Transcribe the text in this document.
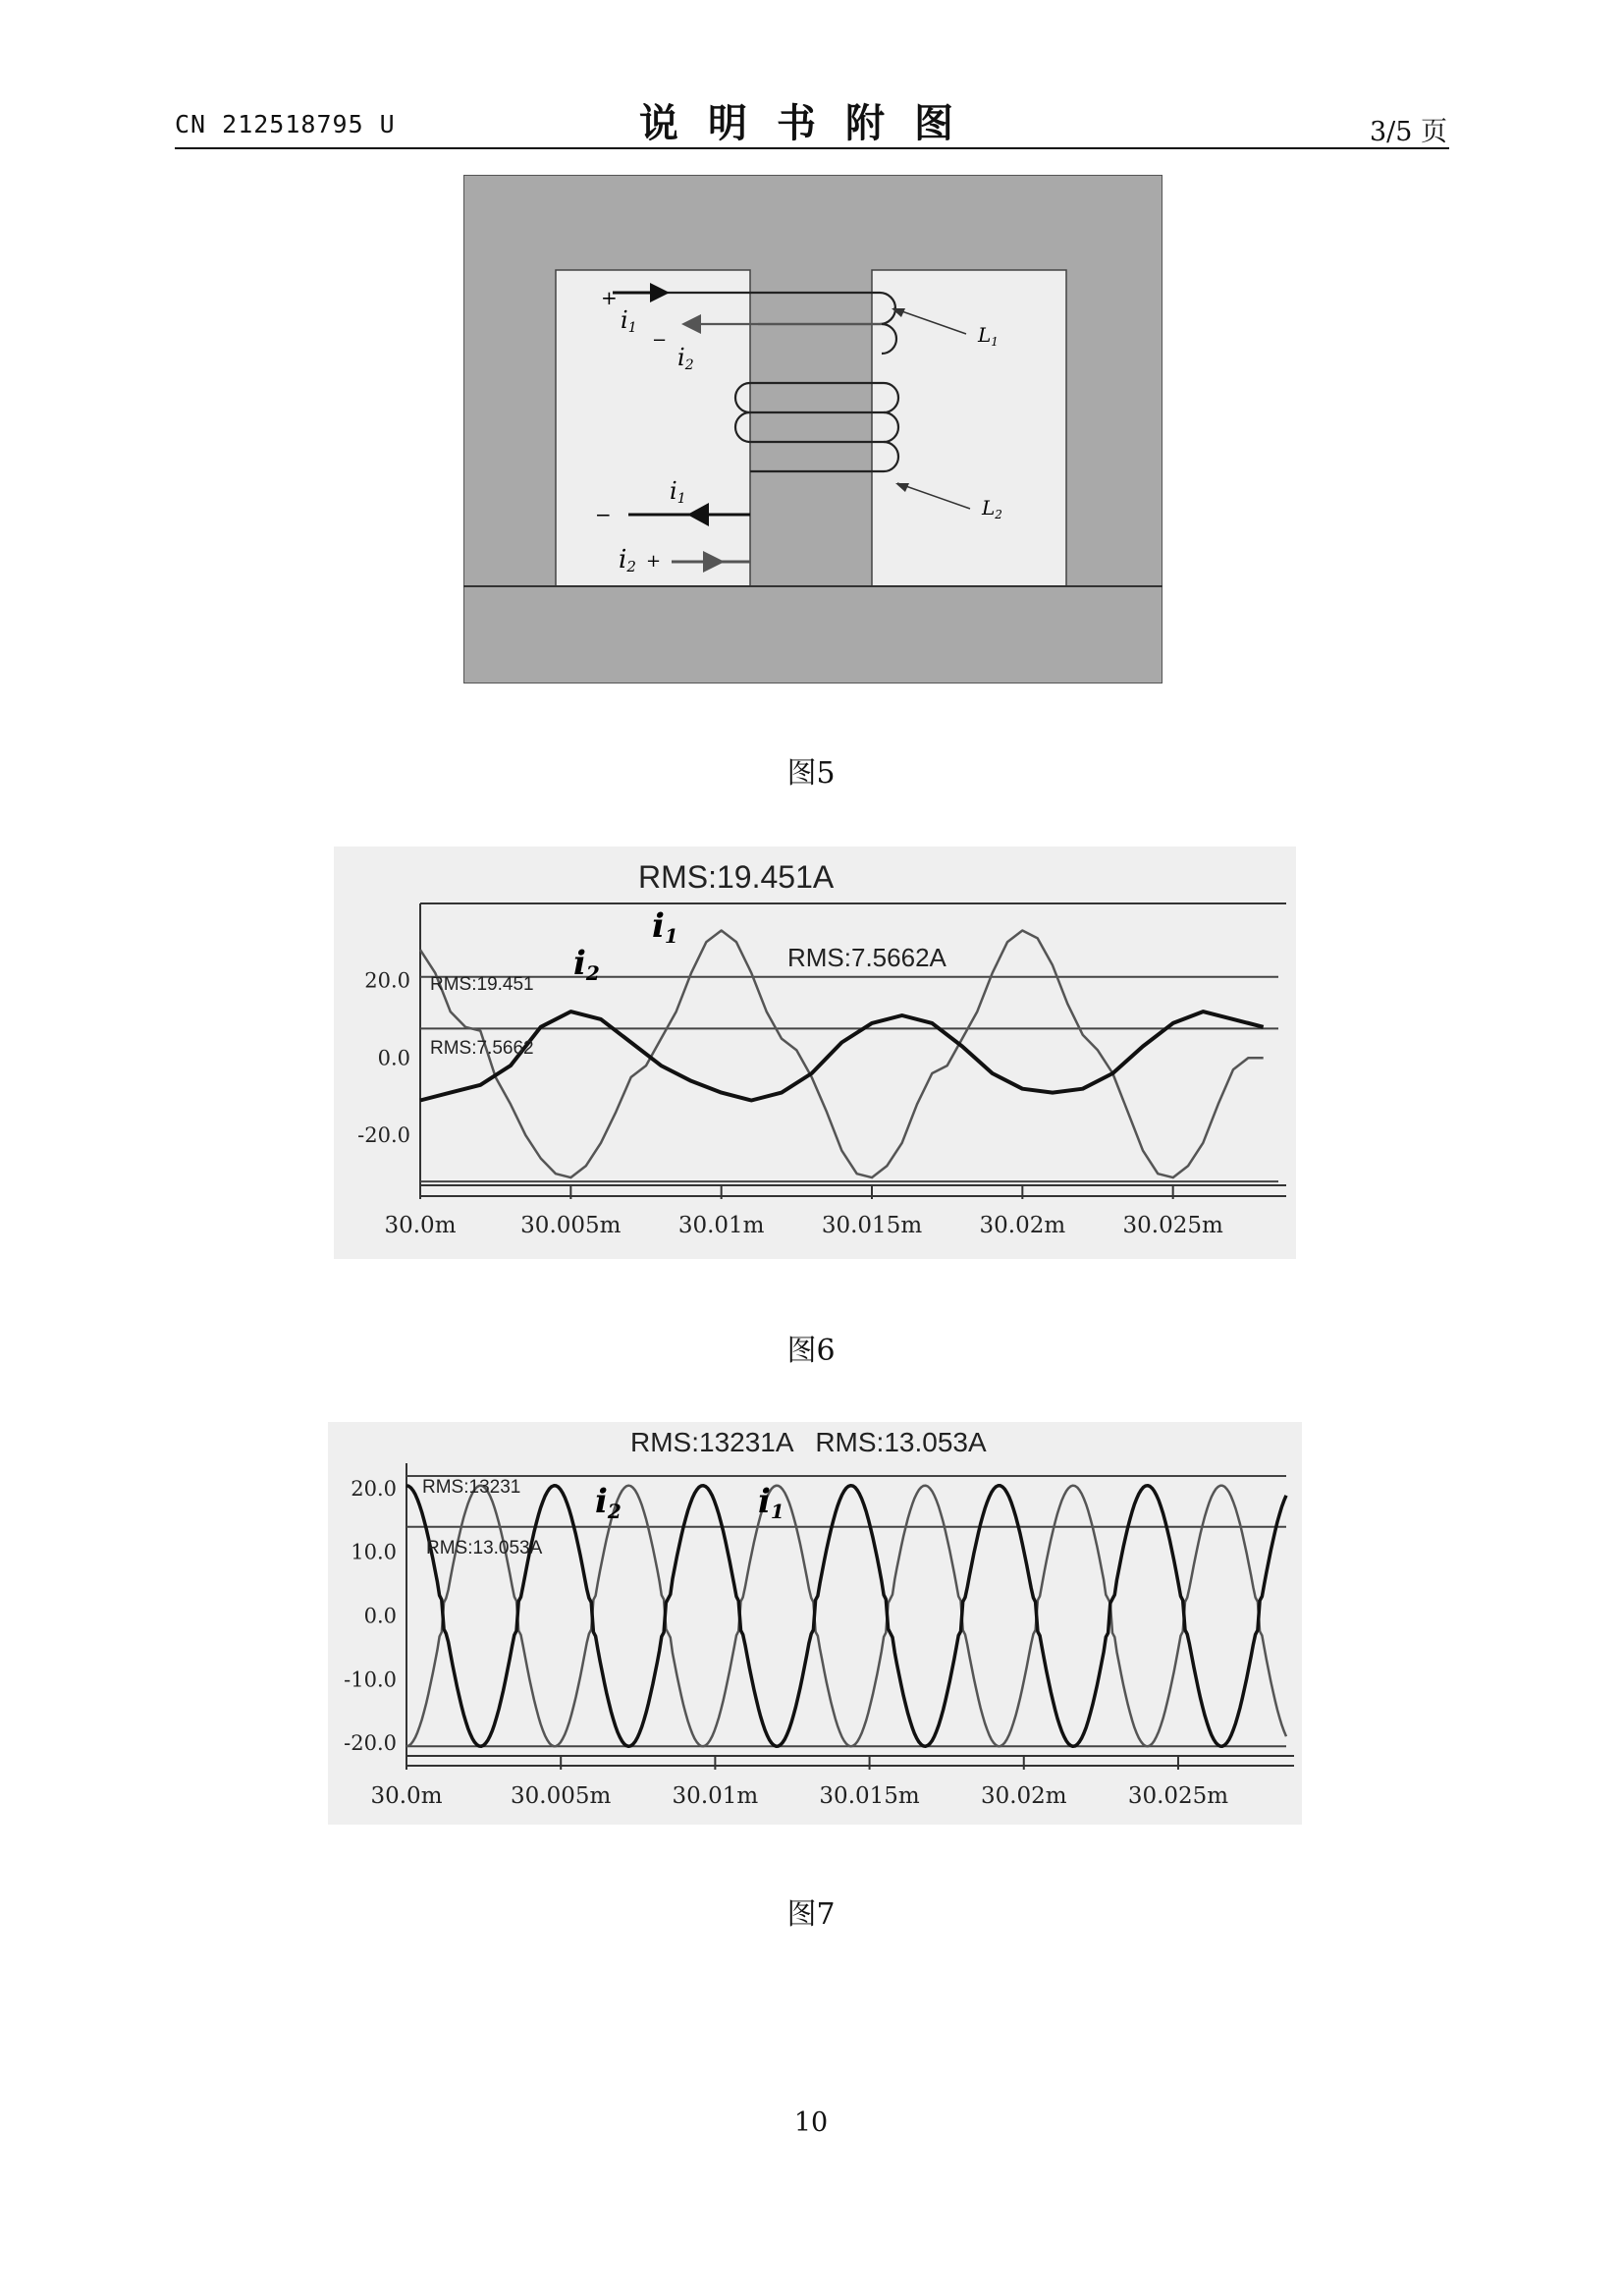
CN 212518795 U	说明书附图	3/5 页
+
i1
−
i2
$L_1$
$L_2$
i1
−
i2 +
图5
RMS:19.451A
20.0
0.0
-20.0
30.0m	30.005m	30.01m	30.015m	30.02m	30.025m
RMS:19.451
RMS:7.5662
RMS:7.5662A
i1
i2
图6
RMS:13231A   RMS:13.053A
20.0
10.0
0.0
-10.0
-20.0
30.0m	30.005m	30.01m	30.015m	30.02m	30.025m
RMS:13231
RMS:13.053A
i2	i1
图7
10
